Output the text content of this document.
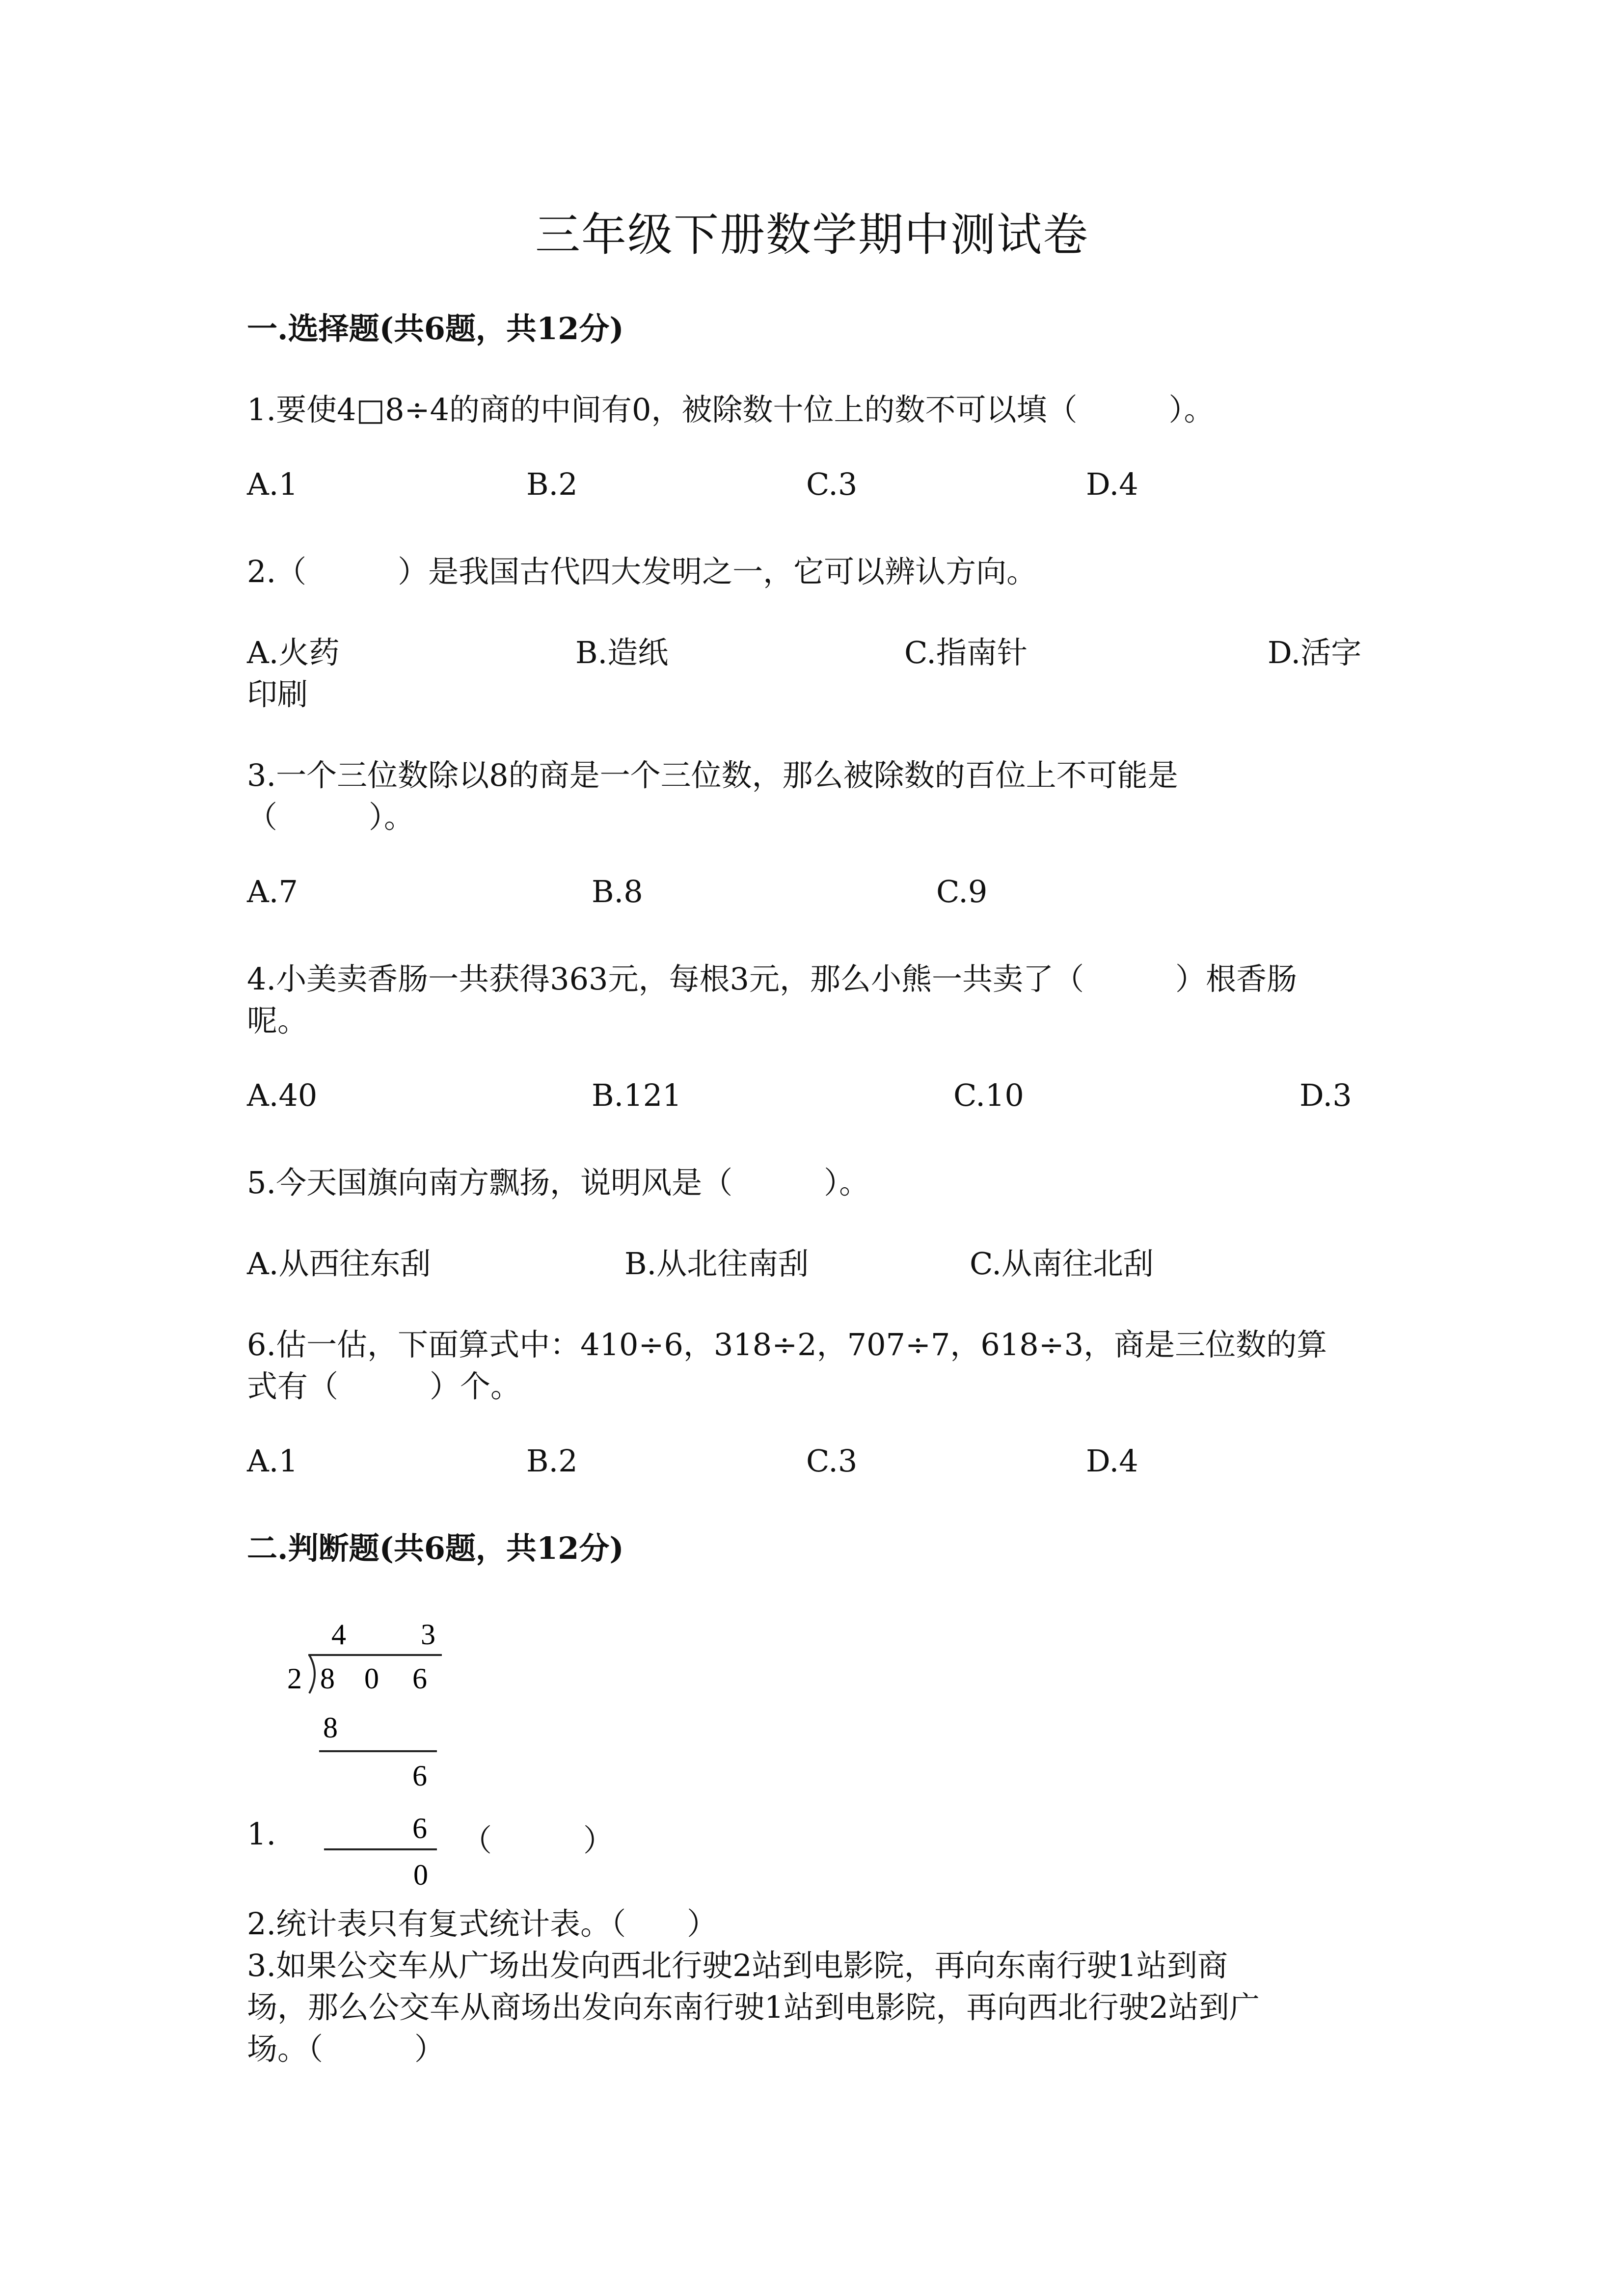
三年级下册数学期中测试卷
一.选择题(共6题，共12分)
1.要使4□8÷4的商的中间有0，被除数十位上的数不可以填（　　　）。
A.1	B.2	C.3	D.4
2.（　　　）是我国古代四大发明之一，它可以辨认方向。
A.火药	B.造纸	C.指南针	D.活字
印刷
3.一个三位数除以8的商是一个三位数，那么被除数的百位上不可能是
（　　　）。
A.7	B.8	C.9
4.小美卖香肠一共获得363元，每根3元，那么小熊一共卖了（　　　）根香肠
呢。
A.40	B.121	C.10	D.3
5.今天国旗向南方飘扬，说明风是（　　　）。
A.从西往东刮	B.从北往南刮	C.从南往北刮
6.估一估，下面算式中：410÷6，318÷2，707÷7，618÷3，商是三位数的算
式有（　　　）个。
A.1	B.2	C.3	D.4
二.判断题(共6题，共12分)
4	3
2 8 0 6
8
6
6
0
1.	（　　　）
2.统计表只有复式统计表。（　　）
3.如果公交车从广场出发向西北行驶2站到电影院，再向东南行驶1站到商
场，那么公交车从商场出发向东南行驶1站到电影院，再向西北行驶2站到广
场。（　　　）
